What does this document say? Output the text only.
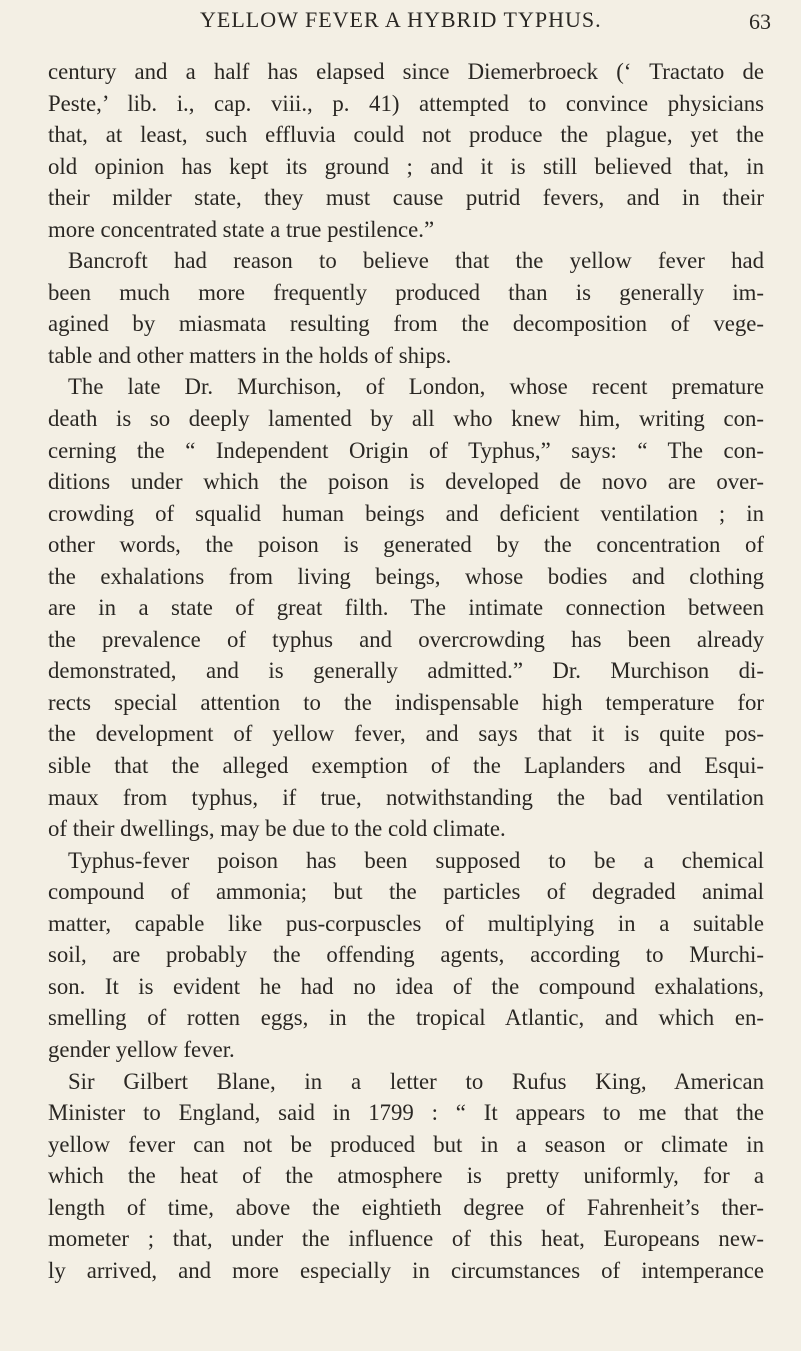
YELLOW FEVER A HYBRID TYPHUS.	63
century and a half has elapsed since Diemerbroeck (‘ Tractato de
Peste,’ lib. i., cap. viii., p. 41) attempted to convince physicians
that, at least, such effluvia could not produce the plague, yet the
old opinion has kept its ground ; and it is still believed that, in
their milder state, they must cause putrid fevers, and in their
more concentrated state a true pestilence.”
Bancroft had reason to believe that the yellow fever had
been much more frequently produced than is generally im-
agined by miasmata resulting from the decomposition of vege-
table and other matters in the holds of ships.
The late Dr. Murchison, of London, whose recent premature
death is so deeply lamented by all who knew him, writing con-
cerning the “ Independent Origin of Typhus,” says: “ The con-
ditions under which the poison is developed de novo are over-
crowding of squalid human beings and deficient ventilation ; in
other words, the poison is generated by the concentration of
the exhalations from living beings, whose bodies and clothing
are in a state of great filth. The intimate connection between
the prevalence of typhus and overcrowding has been already
demonstrated, and is generally admitted.” Dr. Murchison di-
rects special attention to the indispensable high temperature for
the development of yellow fever, and says that it is quite pos-
sible that the alleged exemption of the Laplanders and Esqui-
maux from typhus, if true, notwithstanding the bad ventilation
of their dwellings, may be due to the cold climate.
Typhus-fever poison has been supposed to be a chemical
compound of ammonia; but the particles of degraded animal
matter, capable like pus-corpuscles of multiplying in a suitable
soil, are probably the offending agents, according to Murchi-
son. It is evident he had no idea of the compound exhalations,
smelling of rotten eggs, in the tropical Atlantic, and which en-
gender yellow fever.
Sir Gilbert Blane, in a letter to Rufus King, American
Minister to England, said in 1799 : “ It appears to me that the
yellow fever can not be produced but in a season or climate in
which the heat of the atmosphere is pretty uniformly, for a
length of time, above the eightieth degree of Fahrenheit’s ther-
mometer ; that, under the influence of this heat, Europeans new-
ly arrived, and more especially in circumstances of intemperance
